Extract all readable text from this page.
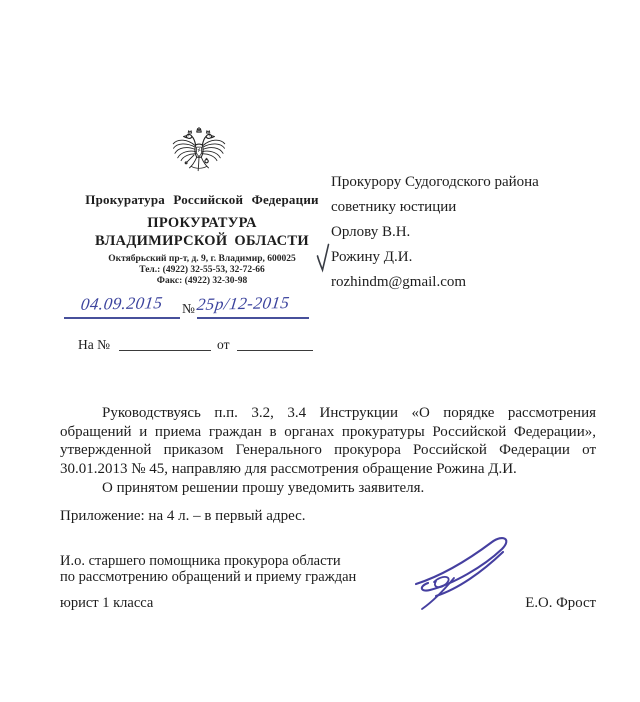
Прокуратура Российской Федерации
ПРОКУРАТУРА
ВЛАДИМИРСКОЙ ОБЛАСТИ
Октябрьский пр-т, д. 9, г. Владимир, 600025
Тел.: (4922) 32-55-53, 32-72-66
Факс: (4922) 32-30-98
04.09.2015	№ 25р/12-2015
На №	от
Прокурору Судогодского района
советнику юстиции
Орлову В.Н.
Рожину Д.И.
rozhindm@gmail.com
Руководствуясь п.п. 3.2, 3.4 Инструкции «О порядке рассмотрения
обращений и приема граждан в органах прокуратуры Российской Федерации»,
утвержденной приказом Генерального прокурора Российской Федерации от
30.01.2013 № 45, направляю для рассмотрения обращение Рожина Д.И.
О принятом решении прошу уведомить заявителя.
Приложение: на 4 л. – в первый адрес.
И.о. старшего помощника прокурора области
по рассмотрению обращений и приему граждан
юрист 1 класса	Е.О. Фрост
